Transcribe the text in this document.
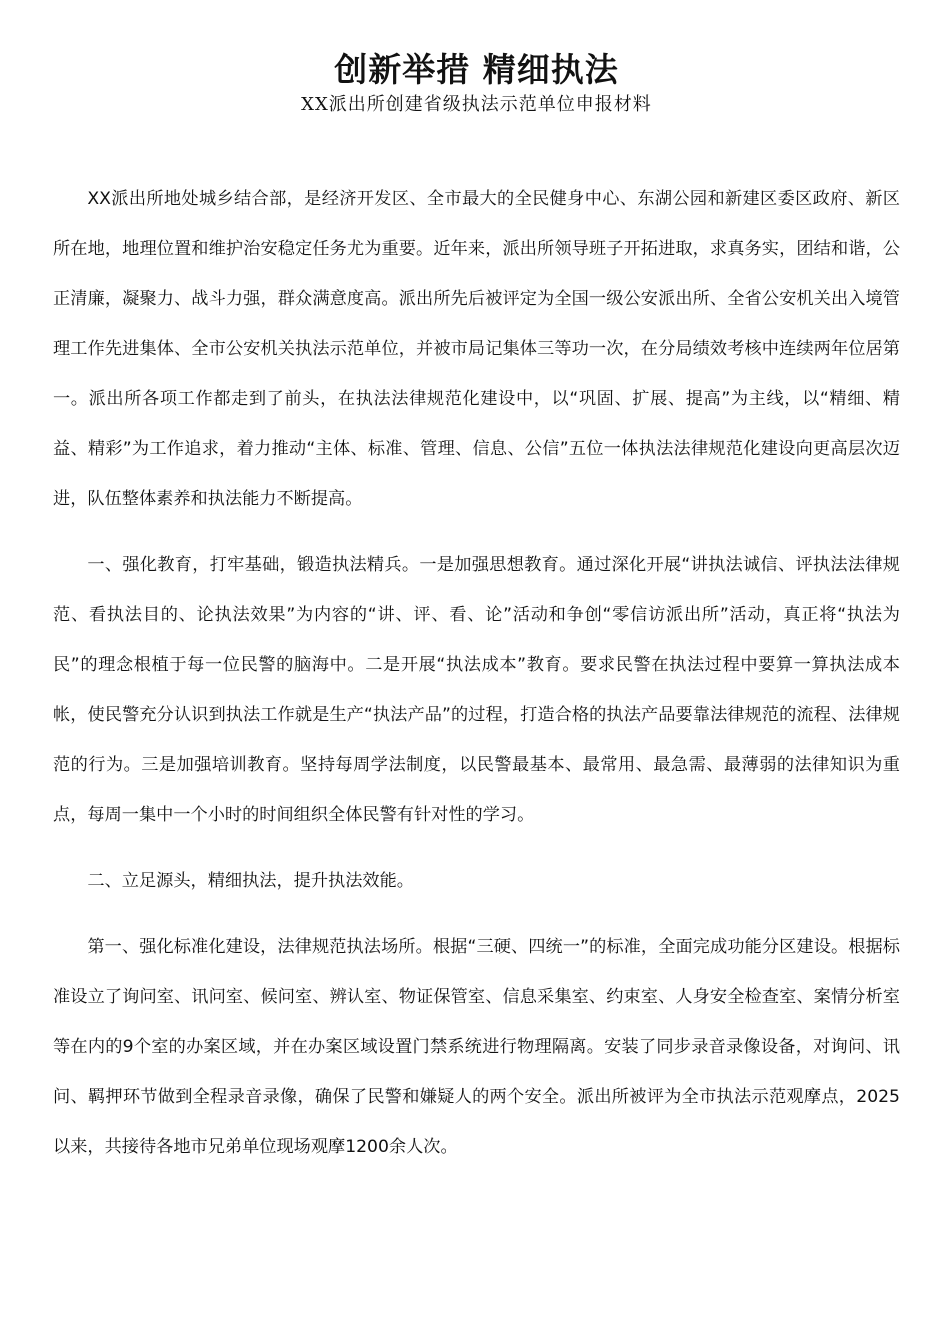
创新举措 精细执法

XX派出所创建省级执法示范单位申报材料

XX派出所地处城乡结合部，是经济开发区、全市最大的全民健身中心、东湖公园和新建区委区政府、新区所在地，地理位置和维护治安稳定任务尤为重要。近年来，派出所领导班子开拓进取，求真务实，团结和谐，公正清廉，凝聚力、战斗力强，群众满意度高。派出所先后被评定为全国一级公安派出所、全省公安机关出入境管理工作先进集体、全市公安机关执法示范单位，并被市局记集体三等功一次，在分局绩效考核中连续两年位居第一。派出所各项工作都走到了前头，在执法法律规范化建设中，以“巩固、扩展、提高”为主线，以“精细、精益、精彩”为工作追求，着力推动“主体、标准、管理、信息、公信”五位一体执法法律规范化建设向更高层次迈进，队伍整体素养和执法能力不断提高。

一、强化教育，打牢基础，锻造执法精兵。一是加强思想教育。通过深化开展“讲执法诚信、评执法法律规范、看执法目的、论执法效果”为内容的“讲、评、看、论”活动和争创“零信访派出所”活动，真正将“执法为民”的理念根植于每一位民警的脑海中。二是开展“执法成本”教育。要求民警在执法过程中要算一算执法成本帐，使民警充分认识到执法工作就是生产“执法产品”的过程，打造合格的执法产品要靠法律规范的流程、法律规范的行为。三是加强培训教育。坚持每周学法制度，以民警最基本、最常用、最急需、最薄弱的法律知识为重点，每周一集中一个小时的时间组织全体民警有针对性的学习。

二、立足源头，精细执法，提升执法效能。

第一、强化标准化建设，法律规范执法场所。根据“三硬、四统一”的标准，全面完成功能分区建设。根据标准设立了询问室、讯问室、候问室、辨认室、物证保管室、信息采集室、约束室、人身安全检查室、案情分析室等在内的9个室的办案区域，并在办案区域设置门禁系统进行物理隔离。安装了同步录音录像设备，对询问、讯问、羁押环节做到全程录音录像，确保了民警和嫌疑人的两个安全。派出所被评为全市执法示范观摩点，2025以来，共接待各地市兄弟单位现场观摩1200余人次。
